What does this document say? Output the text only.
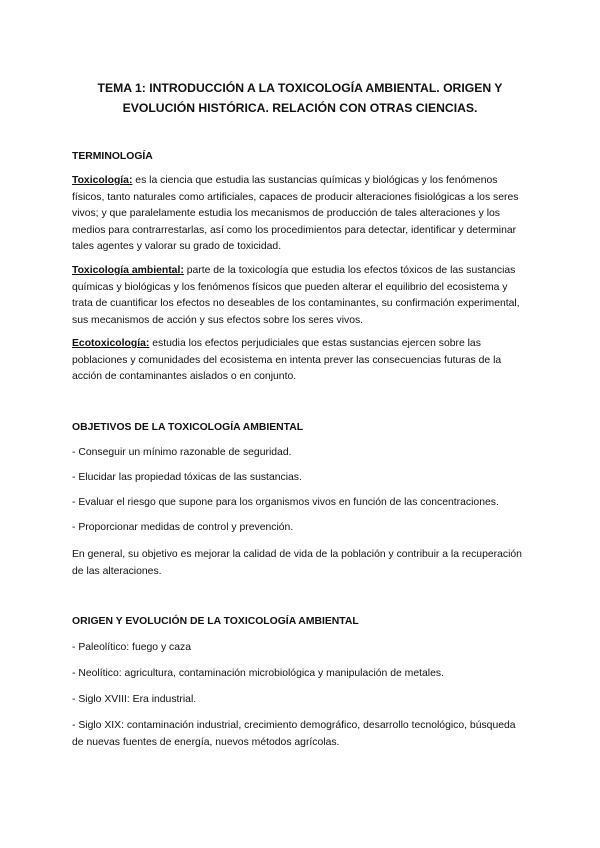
TEMA 1: INTRODUCCIÓN A LA TOXICOLOGÍA AMBIENTAL. ORIGEN Y
EVOLUCIÓN HISTÓRICA. RELACIÓN CON OTRAS CIENCIAS.

TERMINOLOGÍA

Toxicología: es la ciencia que estudia las sustancias químicas y biológicas y los fenómenos físicos, tanto naturales como artificiales, capaces de producir alteraciones fisiológicas a los seres vivos; y que paralelamente estudia los mecanismos de producción de tales alteraciones y los medios para contrarrestarlas, así como los procedimientos para detectar, identificar y determinar tales agentes y valorar su grado de toxicidad.

Toxicología ambiental: parte de la toxicología que estudia los efectos tóxicos de las sustancias químicas y biológicas y los fenómenos físicos que pueden alterar el equilibrio del ecosistema y trata de cuantificar los efectos no deseables de los contaminantes, su confirmación experimental, sus mecanismos de acción y sus efectos sobre los seres vivos.

Ecotoxicología: estudia los efectos perjudiciales que estas sustancias ejercen sobre las poblaciones y comunidades del ecosistema en intenta prever las consecuencias futuras de la acción de contaminantes aislados o en conjunto.

OBJETIVOS DE LA TOXICOLOGÍA AMBIENTAL

- Conseguir un mínimo razonable de seguridad.

- Elucidar las propiedad tóxicas de las sustancias.

- Evaluar el riesgo que supone para los organismos vivos en función de las concentraciones.

- Proporcionar medidas de control y prevención.

En general, su objetivo es mejorar la calidad de vida de la población y contribuir a la recuperación de las alteraciones.

ORIGEN Y EVOLUCIÓN DE LA TOXICOLOGÍA AMBIENTAL

- Paleolítico: fuego y caza

- Neolítico: agricultura, contaminación microbiológica y manipulación de metales.

- Siglo XVIII: Era industrial.

- Siglo XIX: contaminación industrial, crecimiento demográfico, desarrollo tecnológico, búsqueda de nuevas fuentes de energía, nuevos métodos agrícolas.
